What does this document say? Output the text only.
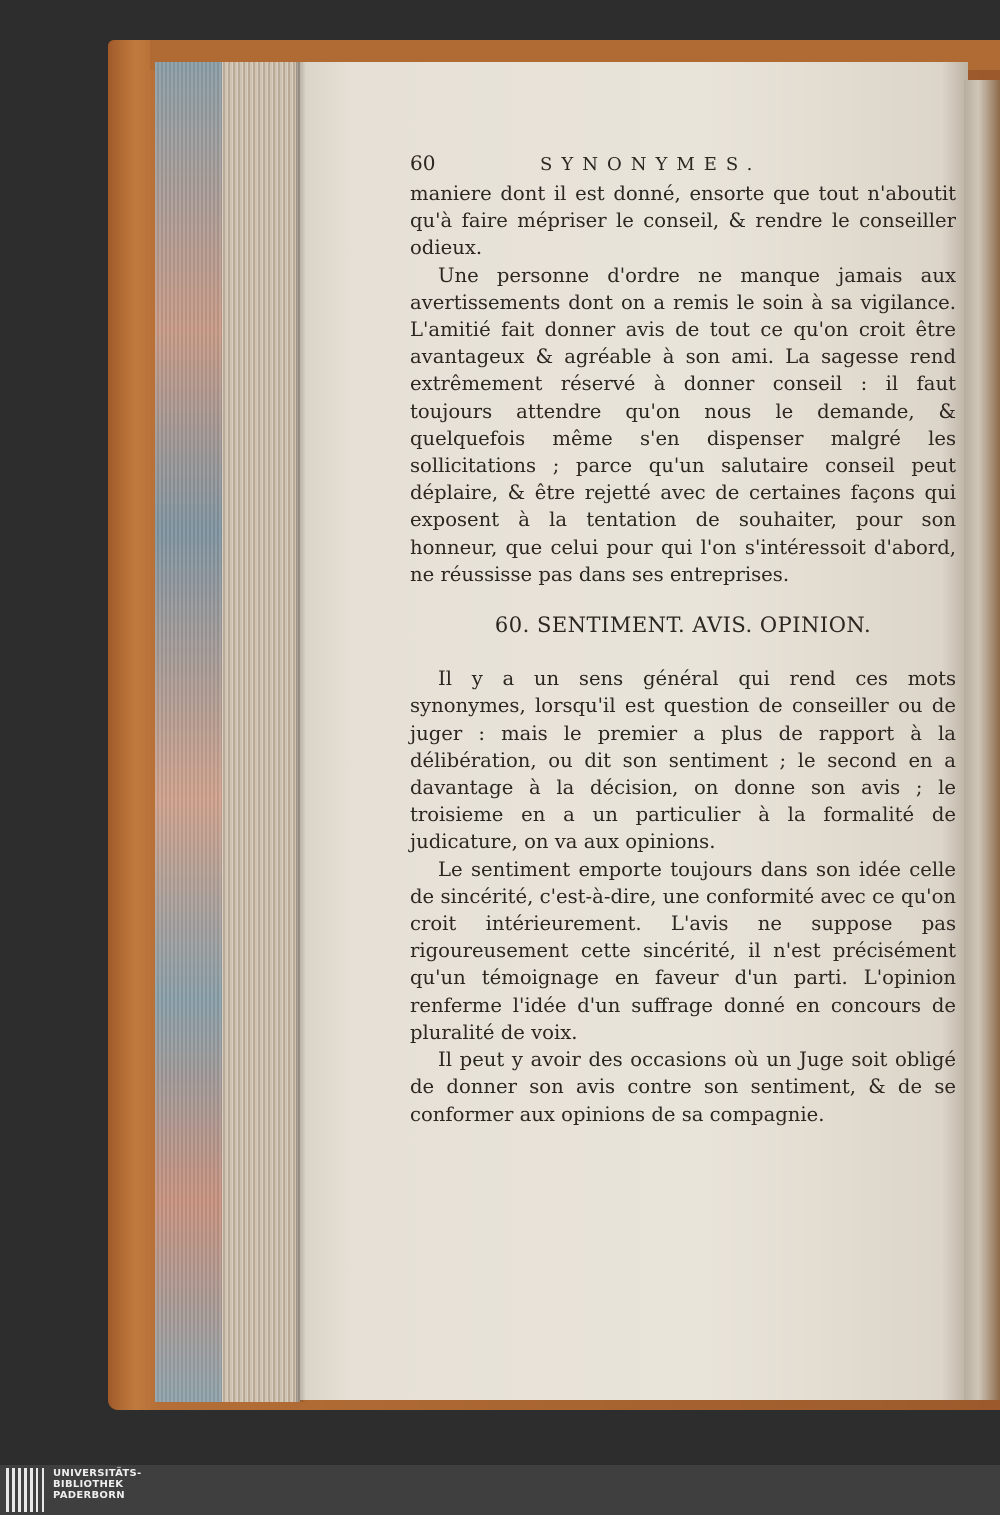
60	SYNONYMES.

maniere dont il est donné, ensorte que tout n'aboutit qu'à faire mépriser le conseil, & rendre le conseiller odieux.

Une personne d'ordre ne manque jamais aux avertissements dont on a remis le soin à sa vigilance. L'amitié fait donner avis de tout ce qu'on croit être avantageux & agréable à son ami. La sagesse rend extrêmement réservé à donner conseil : il faut toujours attendre qu'on nous le demande, & quelquefois même s'en dispenser malgré les sollicitations ; parce qu'un salutaire conseil peut déplaire, & être rejetté avec de certaines façons qui exposent à la tentation de souhaiter, pour son honneur, que celui pour qui l'on s'intéressoit d'abord, ne réussisse pas dans ses entreprises.

60. SENTIMENT. AVIS. OPINION.

Il y a un sens général qui rend ces mots synonymes, lorsqu'il est question de conseiller ou de juger : mais le premier a plus de rapport à la délibération, ou dit son sentiment ; le second en a davantage à la décision, on donne son avis ; le troisieme en a un particulier à la formalité de judicature, on va aux opinions.

Le sentiment emporte toujours dans son idée celle de sincérité, c'est-à-dire, une conformité avec ce qu'on croit intérieurement. L'avis ne suppose pas rigoureusement cette sincérité, il n'est précisément qu'un témoignage en faveur d'un parti. L'opinion renferme l'idée d'un suffrage donné en concours de pluralité de voix.

Il peut y avoir des occasions où un Juge soit obligé de donner son avis contre son sentiment, & de se conformer aux opinions de sa compagnie.

UNIVERSITÄTS-
BIBLIOTHEK
PADERBORN
